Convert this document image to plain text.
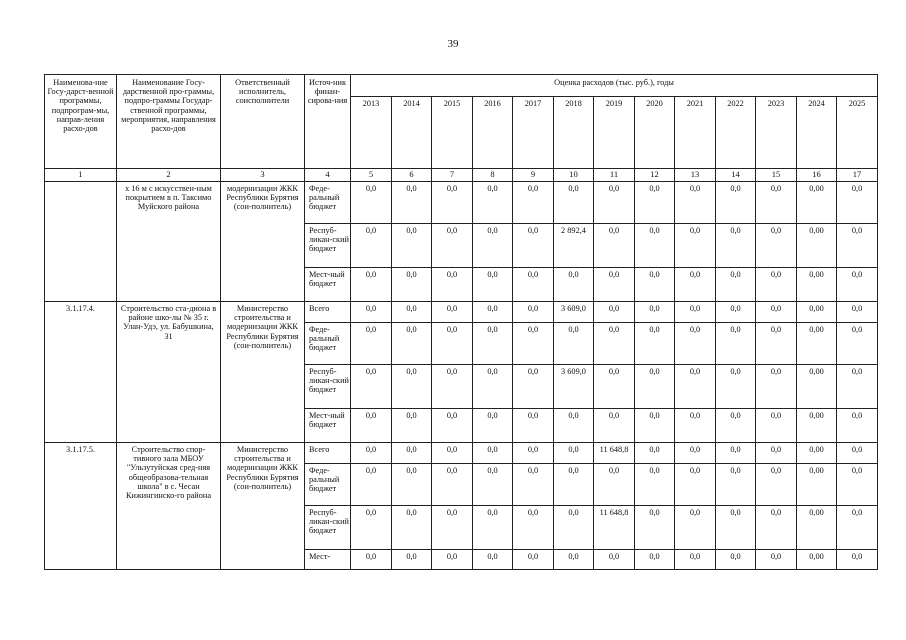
39
Наименова-ние Госу-дарст-венной программы, подпрограм-мы, направ-ления расхо-дов	Наименование Госу-дарственной про-граммы, подпро-граммы Государ-ственной программы, мероприятия, направления расхо-дов	Ответственный исполнитель, соисполнители	Источ-ник финан-сирова-ния	Оценка расходов (тыс. руб.), годы												
				2013	2014	2015	2016	2017	2018	2019	2020	2021	2022	2023	2024	2025
1	2	3	4	5	6	7	8	9	10	11	12	13	14	15	16	17
	х 16 м с искусствен-ным покрытием в п. Таксимо Муйского района	модернизации ЖКК Республики Бурятия (сои-полнитель)	Феде-ральный бюджет	0,0	0,0	0,0	0,0	0,0	0,0	0,0	0,0	0,0	0,0	0,0	0,00	0,0
			Респуб-ликан-ский бюджет	0,0	0,0	0,0	0,0	0,0	2 892,4	0,0	0,0	0,0	0,0	0,0	0,00	0,0
			Мест-ный бюджет	0,0	0,0	0,0	0,0	0,0	0,0	0,0	0,0	0,0	0,0	0,0	0,00	0,0
3.1.17.4.	Строительство ста-диона в районе шко-лы № 35 г. Улан-Удэ, ул. Бабушкина, 31	Министерство строительства и модернизации ЖКК Республики Бурятия (сои-полнитель)	Всего	0,0	0,0	0,0	0,0	0,0	3 609,0	0,0	0,0	0,0	0,0	0,0	0,00	0,0
			Феде-ральный бюджет	0,0	0,0	0,0	0,0	0,0	0,0	0,0	0,0	0,0	0,0	0,0	0,00	0,0
			Респуб-ликан-ский бюджет	0,0	0,0	0,0	0,0	0,0	3 609,0	0,0	0,0	0,0	0,0	0,0	0,00	0,0
			Мест-ный бюджет	0,0	0,0	0,0	0,0	0,0	0,0	0,0	0,0	0,0	0,0	0,0	0,00	0,0
3.1.17.5.	Строительство спор-тивного зала МБОУ "Ульзутуйская сред-няя общеобразова-тельная школа" в с. Чесан Кижингинско-го района	Министерство строительства и модернизации ЖКК Республики Бурятия (сои-полнитель)	Всего	0,0	0,0	0,0	0,0	0,0	0,0	11 648,8	0,0	0,0	0,0	0,0	0,00	0,0
			Феде-ральный бюджет	0,0	0,0	0,0	0,0	0,0	0,0	0,0	0,0	0,0	0,0	0,0	0,00	0,0
			Респуб-ликан-ский бюджет	0,0	0,0	0,0	0,0	0,0	0,0	11 648,8	0,0	0,0	0,0	0,0	0,00	0,0
			Мест-	0,0	0,0	0,0	0,0	0,0	0,0	0,0	0,0	0,0	0,0	0,0	0,00	0,0
